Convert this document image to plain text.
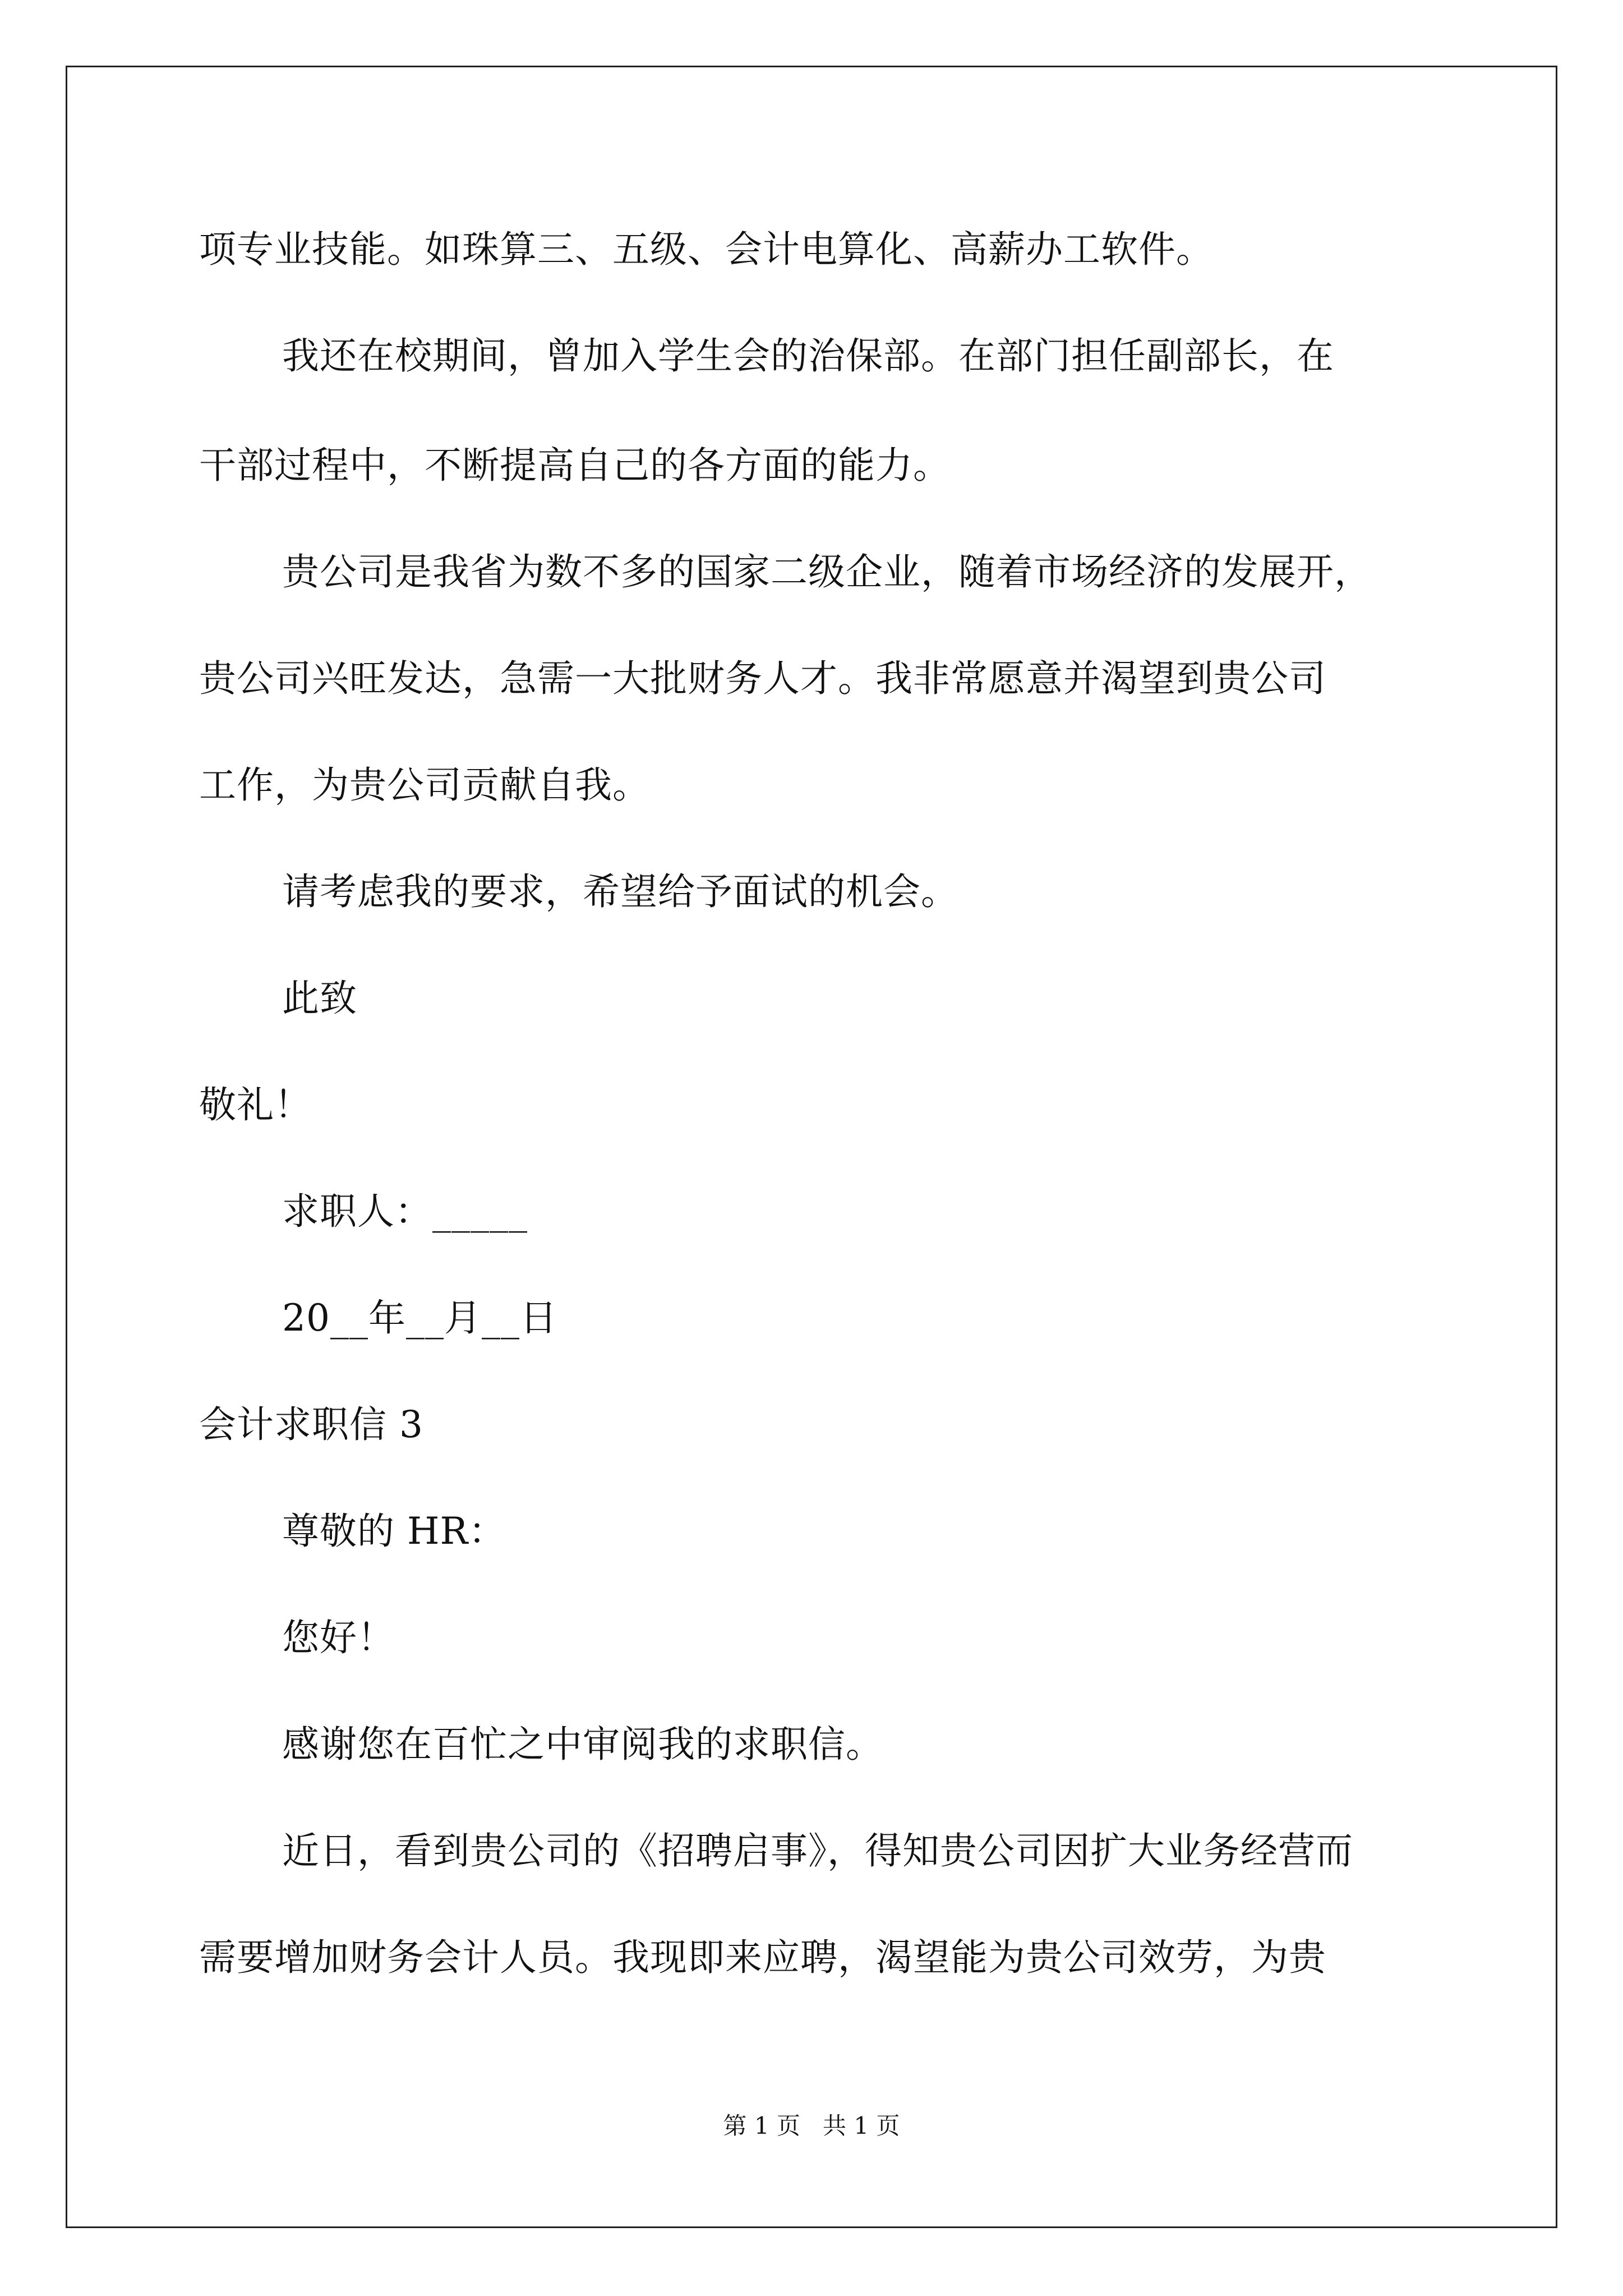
项专业技能。如珠算三、五级、会计电算化、高薪办工软件。
我还在校期间，曾加入学生会的治保部。在部门担任副部长，在
干部过程中，不断提高自己的各方面的能力。
贵公司是我省为数不多的国家二级企业，随着市场经济的发展开，
贵公司兴旺发达，急需一大批财务人才。我非常愿意并渴望到贵公司
工作，为贵公司贡献自我。
请考虑我的要求，希望给予面试的机会。
此致
敬礼！
求职人：_____
20__年__月__日
会计求职信 3
尊敬的 HR：
您好！
感谢您在百忙之中审阅我的求职信。
近日，看到贵公司的《招聘启事》，得知贵公司因扩大业务经营而
需要增加财务会计人员。我现即来应聘，渴望能为贵公司效劳，为贵
第 1 页   共 1 页
